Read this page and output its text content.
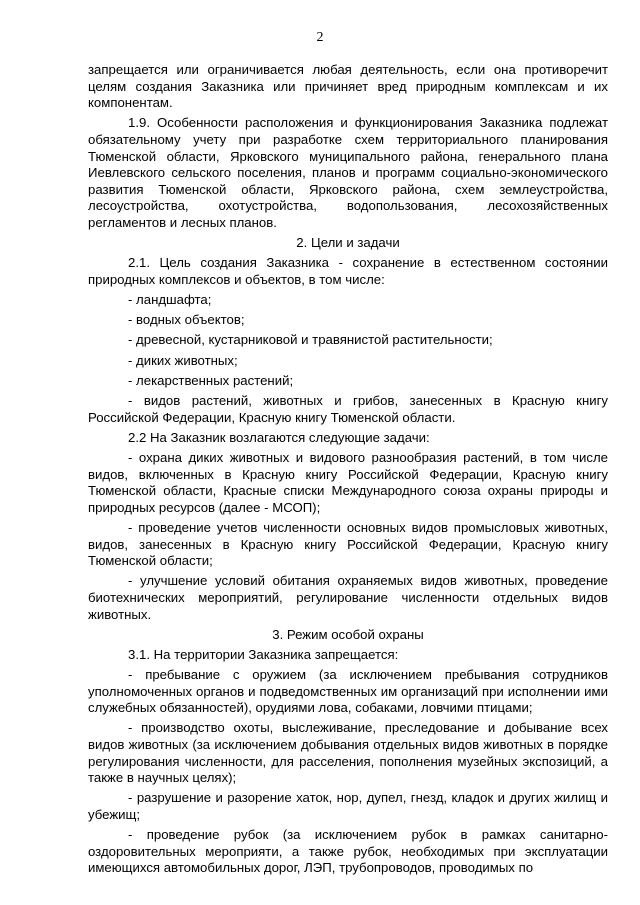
2

запрещается или ограничивается любая деятельность, если она противоречит целям создания Заказника или причиняет вред природным комплексам и их компонентам.

1.9. Особенности расположения и функционирования Заказника подлежат обязательному учету при разработке схем территориального планирования Тюменской области, Ярковского муниципального района, генерального плана Иевлевского сельского поселения, планов и программ социально-экономического развития Тюменской области, Ярковского района, схем землеустройства, лесоустройства, охотустройства, водопользования, лесохозяйственных регламентов и лесных планов.

2. Цели и задачи

2.1. Цель создания Заказника - сохранение в естественном состоянии природных комплексов и объектов, в том числе:

- ландшафта;

- водных объектов;

- древесной, кустарниковой и травянистой растительности;

- диких животных;

- лекарственных растений;

- видов растений, животных и грибов, занесенных в Красную книгу Российской Федерации, Красную книгу Тюменской области.

2.2 На Заказник возлагаются следующие задачи:

- охрана диких животных и видового разнообразия растений, в том числе видов, включенных в Красную книгу Российской Федерации, Красную книгу Тюменской области, Красные списки Международного союза охраны природы и природных ресурсов (далее - МСОП);

- проведение учетов численности основных видов промысловых животных, видов, занесенных в Красную книгу Российской Федерации, Красную книгу Тюменской области;

- улучшение условий обитания охраняемых видов животных, проведение биотехнических мероприятий, регулирование численности отдельных видов животных.

3. Режим особой охраны

3.1. На территории Заказника запрещается:

- пребывание с оружием (за исключением пребывания сотрудников уполномоченных органов и подведомственных им организаций при исполнении ими служебных обязанностей), орудиями лова, собаками, ловчими птицами;

- производство охоты, выслеживание, преследование и добывание всех видов животных (за исключением добывания отдельных видов животных в порядке регулирования численности, для расселения, пополнения музейных экспозиций, а также в научных целях);

- разрушение и разорение хаток, нор, дупел, гнезд, кладок и других жилищ и убежищ;

- проведение рубок (за исключением рубок в рамках санитарно-оздоровительных мероприяти, а также рубок, необходимых при эксплуатации имеющихся автомобильных дорог, ЛЭП, трубопроводов, проводимых по
